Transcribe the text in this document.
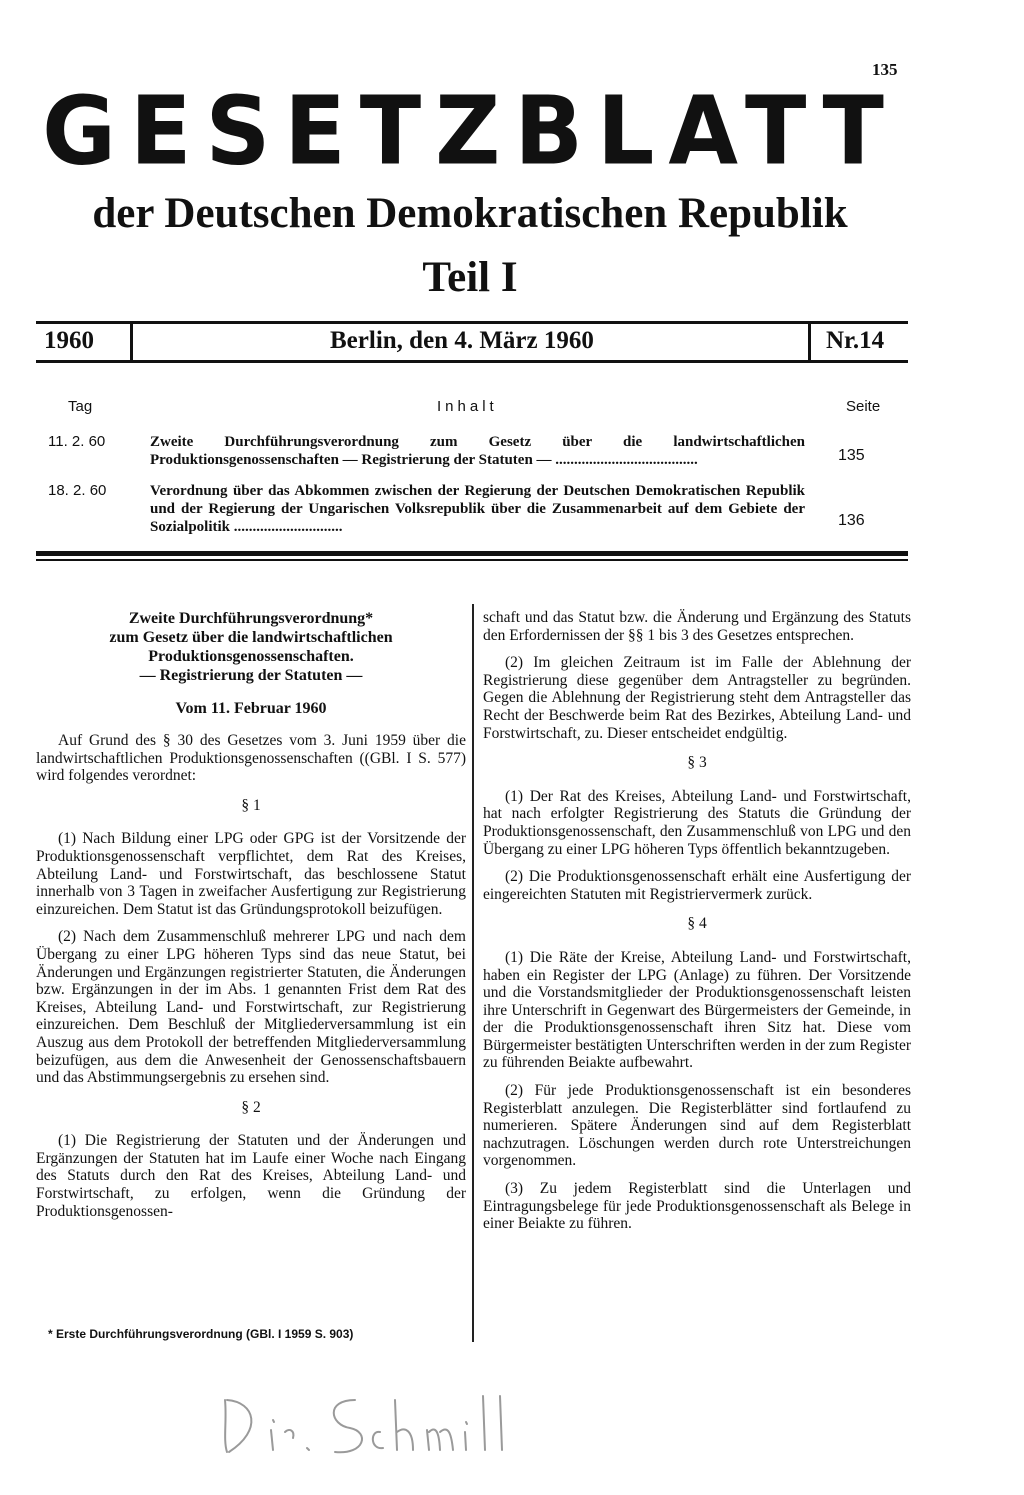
135
GESETZBLATT
der Deutschen Demokratischen Republik
Teil I
1960	Berlin, den 4. März 1960	Nr.14
Tag	Inhalt	Seite
11. 2. 60	Zweite Durchführungsverordnung zum Gesetz über die landwirtschaftlichen Produktionsgenossenschaften — Registrierung der Statuten — ......................................	135
18. 2. 60	Verordnung über das Abkommen zwischen der Regierung der Deutschen Demokratischen Republik und der Regierung der Ungarischen Volksrepublik über die Zusammenarbeit auf dem Gebiete der Sozialpolitik .............................	136
Zweite Durchführungsverordnung*
zum Gesetz über die landwirtschaftlichen
Produktionsgenossenschaften.
— Registrierung der Statuten —
Vom 11. Februar 1960

Auf Grund des § 30 des Gesetzes vom 3. Juni 1959 über die landwirtschaftlichen Produktionsgenossenschaften ((GBl. I S. 577) wird folgendes verordnet:

§ 1

(1) Nach Bildung einer LPG oder GPG ist der Vorsitzende der Produktionsgenossenschaft verpflichtet, dem Rat des Kreises, Abteilung Land- und Forstwirtschaft, das beschlossene Statut innerhalb von 3 Tagen in zweifacher Ausfertigung zur Registrierung einzureichen. Dem Statut ist das Gründungsprotokoll beizufügen.

(2) Nach dem Zusammenschluß mehrerer LPG und nach dem Übergang zu einer LPG höheren Typs sind das neue Statut, bei Änderungen und Ergänzungen registrierter Statuten, die Änderungen bzw. Ergänzungen in der im Abs. 1 genannten Frist dem Rat des Kreises, Abteilung Land- und Forstwirtschaft, zur Registrierung einzureichen. Dem Beschluß der Mitgliederversammlung ist ein Auszug aus dem Protokoll der betreffenden Mitgliederversammlung beizufügen, aus dem die Anwesenheit der Genossenschaftsbauern und das Abstimmungsergebnis zu ersehen sind.

§ 2

(1) Die Registrierung der Statuten und der Änderungen und Ergänzungen der Statuten hat im Laufe einer Woche nach Eingang des Statuts durch den Rat des Kreises, Abteilung Land- und Forstwirtschaft, zu erfolgen, wenn die Gründung der Produktionsgenossen-

schaft und das Statut bzw. die Änderung und Ergänzung des Statuts den Erfordernissen der §§ 1 bis 3 des Gesetzes entsprechen.

(2) Im gleichen Zeitraum ist im Falle der Ablehnung der Registrierung diese gegenüber dem Antragsteller zu begründen. Gegen die Ablehnung der Registrierung steht dem Antragsteller das Recht der Beschwerde beim Rat des Bezirkes, Abteilung Land- und Forstwirtschaft, zu. Dieser entscheidet endgültig.

§ 3

(1) Der Rat des Kreises, Abteilung Land- und Forstwirtschaft, hat nach erfolgter Registrierung des Statuts die Gründung der Produktionsgenossenschaft, den Zusammenschluß von LPG und den Übergang zu einer LPG höheren Typs öffentlich bekanntzugeben.

(2) Die Produktionsgenossenschaft erhält eine Ausfertigung der eingereichten Statuten mit Registriervermerk zurück.

§ 4

(1) Die Räte der Kreise, Abteilung Land- und Forstwirtschaft, haben ein Register der LPG (Anlage) zu führen. Der Vorsitzende und die Vorstandsmitglieder der Produktionsgenossenschaft leisten ihre Unterschrift in Gegenwart des Bürgermeisters der Gemeinde, in der die Produktionsgenossenschaft ihren Sitz hat. Diese vom Bürgermeister bestätigten Unterschriften werden in der zum Register zu führenden Beiakte aufbewahrt.

(2) Für jede Produktionsgenossenschaft ist ein besonderes Registerblatt anzulegen. Die Registerblätter sind fortlaufend zu numerieren. Spätere Änderungen sind auf dem Registerblatt nachzutragen. Löschungen werden durch rote Unterstreichungen vorgenommen.

(3) Zu jedem Registerblatt sind die Unterlagen und Eintragungsbelege für jede Produktionsgenossenschaft als Belege in einer Beiakte zu führen.

* Erste Durchführungsverordnung (GBl. I 1959 S. 903)
